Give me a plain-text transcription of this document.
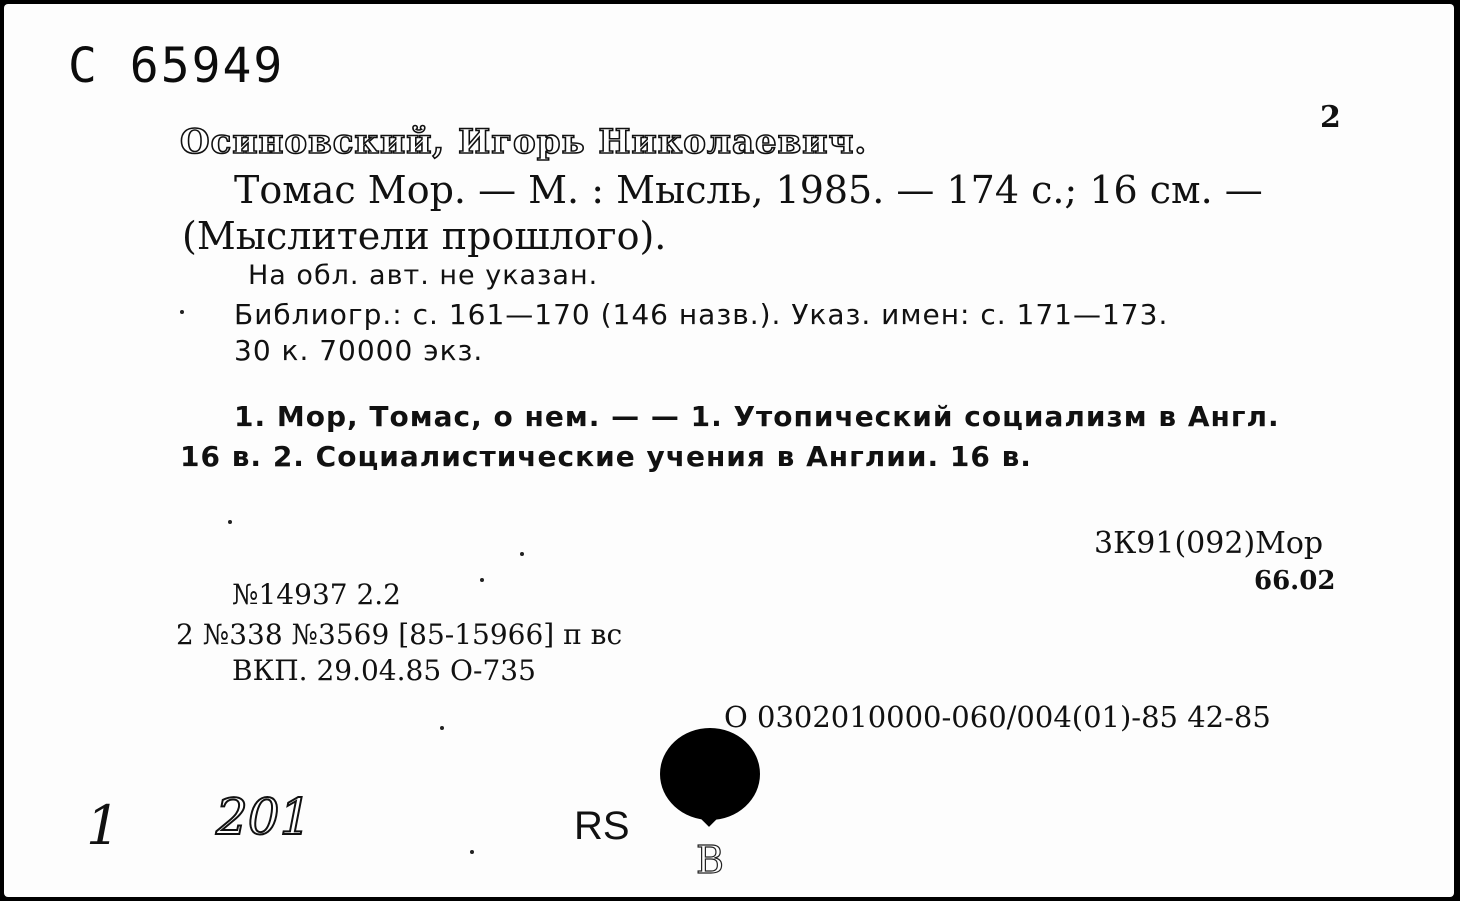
С 65949
2
Осиновский, Игорь Николаевич.
Томас Мор. — М. : Мысль, 1985. — 174 с.; 16 см. —
(Мыслители прошлого).
На обл. авт. не указан.
Библиогр.: с. 161—170 (146 назв.). Указ. имен: с. 171—173.
30 к. 70000 экз.
1. Мор, Томас, о нем. — — 1. Утопический социализм в Англ.
16 в. 2. Социалистические учения в Англии. 16 в.
3К91(092)Мор
66.02
№14937 2.2
2 №338 №3569 [85-15966] п вс
ВКП. 29.04.85 О-735
О 0302010000-060/004(01)-85 42-85
1 201	RS
В
